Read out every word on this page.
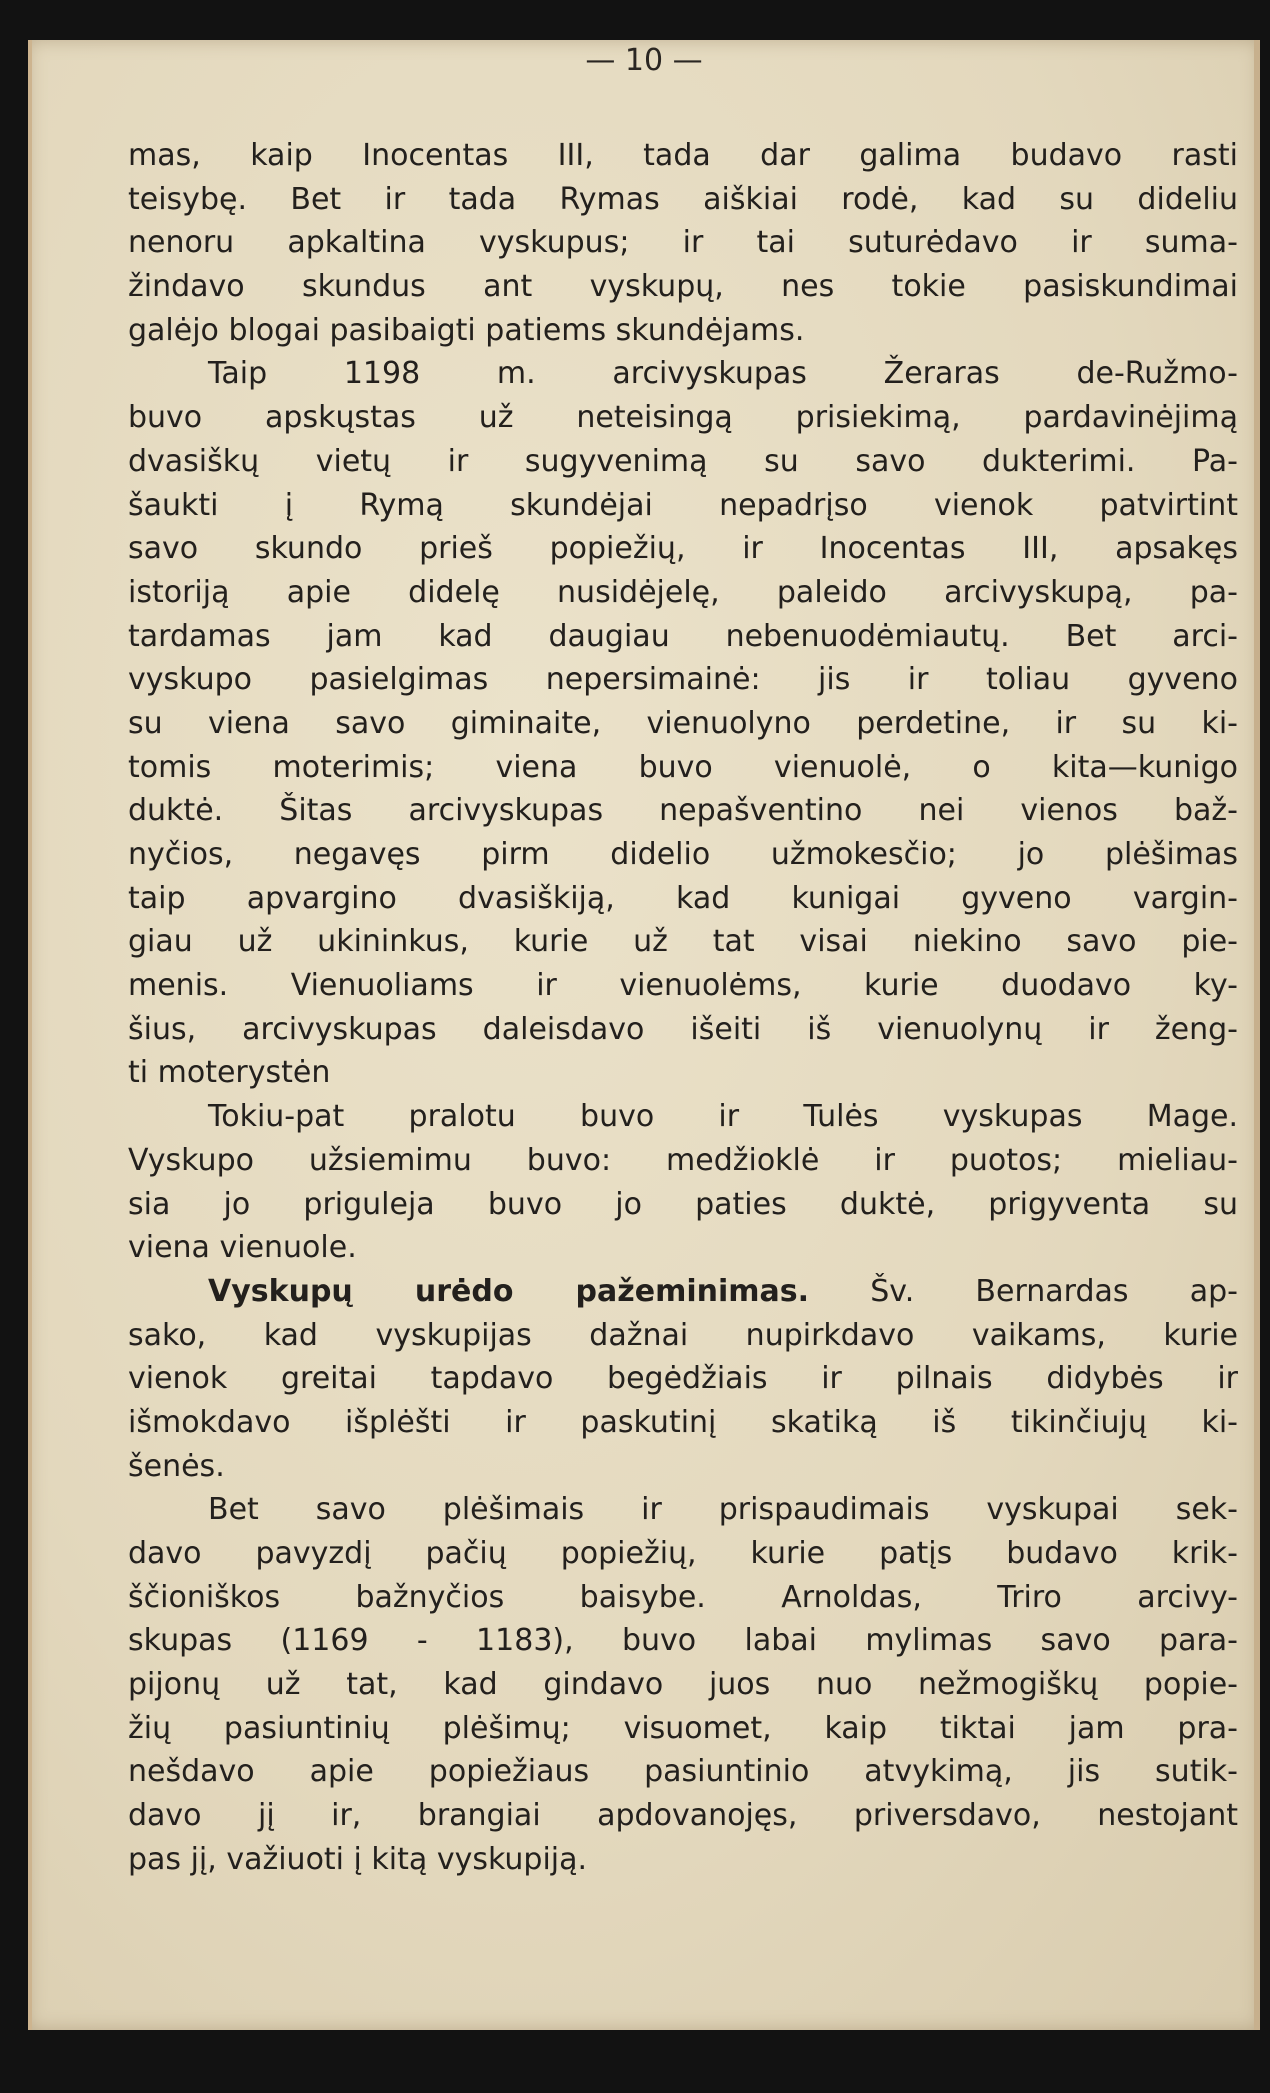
— 10 —
mas, kaip Inocentas III, tada dar galima budavo rasti
teisybę. Bet ir tada Rymas aiškiai rodė, kad su dideliu
nenoru apkaltina vyskupus; ir tai suturėdavo ir suma-
žindavo skundus ant vyskupų, nes tokie pasiskundimai
galėjo blogai pasibaigti patiems skundėjams.
Taip 1198 m. arcivyskupas Žeraras de-Ružmo-
buvo apskųstas už neteisingą prisiekimą, pardavinėjimą
dvasiškų vietų ir sugyvenimą su savo dukterimi. Pa-
šaukti į Rymą skundėjai nepadrįso vienok patvirtint
savo skundo prieš popiežių, ir Inocentas III, apsakęs
istoriją apie didelę nusidėjelę, paleido arcivyskupą, pa-
tardamas jam kad daugiau nebenuodėmiautų. Bet arci-
vyskupo pasielgimas nepersimainė: jis ir toliau gyveno
su viena savo giminaite, vienuolyno perdetine, ir su ki-
tomis moterimis; viena buvo vienuolė, o kita—kunigo
duktė. Šitas arcivyskupas nepašventino nei vienos baž-
nyčios, negavęs pirm didelio užmokesčio; jo plėšimas
taip apvargino dvasiškiją, kad kunigai gyveno vargin-
giau už ukininkus, kurie už tat visai niekino savo pie-
menis. Vienuoliams ir vienuolėms, kurie duodavo ky-
šius, arcivyskupas daleisdavo išeiti iš vienuolynų ir ženg-
ti moterystėn
Tokiu-pat pralotu buvo ir Tulės vyskupas Mage.
Vyskupo užsiemimu buvo: medžioklė ir puotos; mieliau-
sia jo priguleja buvo jo paties duktė, prigyventa su
viena vienuole.
Vyskupų urėdo pažeminimas. Šv. Bernardas ap-
sako, kad vyskupijas dažnai nupirkdavo vaikams, kurie
vienok greitai tapdavo begėdžiais ir pilnais didybės ir
išmokdavo išplėšti ir paskutinį skatiką iš tikinčiujų ki-
šenės.
Bet savo plėšimais ir prispaudimais vyskupai sek-
davo pavyzdį pačių popiežių, kurie patįs budavo krik-
ščioniškos bažnyčios baisybe. Arnoldas, Triro arcivy-
skupas (1169 - 1183), buvo labai mylimas savo para-
pijonų už tat, kad gindavo juos nuo nežmogiškų popie-
žių pasiuntinių plėšimų; visuomet, kaip tiktai jam pra-
nešdavo apie popiežiaus pasiuntinio atvykimą, jis sutik-
davo jį ir, brangiai apdovanojęs, priversdavo, nestojant
pas jį, važiuoti į kitą vyskupiją.
